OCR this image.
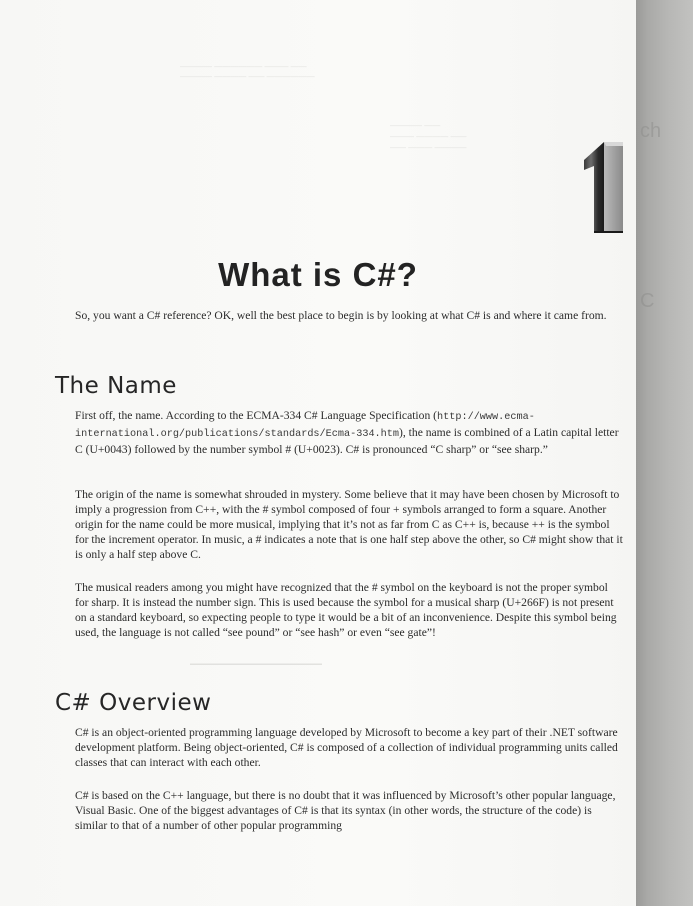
———— —————— ——— ——
———— ———— —— ——————
———— ——
——— ———— ——
—— ——— ————
——————
What is C#?

So, you want a C# reference? OK, well the best place to begin is by looking at what C# is and where it came from.

The Name

First off, the name. According to the ECMA-334 C# Language Specification (http://www.ecma-international.org/publications/standards/Ecma-334.htm), the name is combined of a Latin capital letter C (U+0043) followed by the number symbol # (U+0023). C# is pronounced “C sharp” or “see sharp.”

The origin of the name is somewhat shrouded in mystery. Some believe that it may have been chosen by Microsoft to imply a progression from C++, with the # symbol composed of four + symbols arranged to form a square. Another origin for the name could be more musical, implying that it’s not as far from C as C++ is, because ++ is the symbol for the increment operator. In music, a # indicates a note that is one half step above the other, so C# might show that it is only a half step above C.

The musical readers among you might have recognized that the # symbol on the keyboard is not the proper symbol for sharp. It is instead the number sign. This is used because the symbol for a musical sharp (U+266F) is not present on a standard keyboard, so expecting people to type it would be a bit of an inconvenience. Despite this symbol being used, the language is not called “see pound” or “see hash” or even “see gate”!

C# Overview

C# is an object-oriented programming language developed by Microsoft to become a key part of their .NET software development platform. Being object-oriented, C# is composed of a collection of individual programming units called classes that can interact with each other.

C# is based on the C++ language, but there is no doubt that it was influenced by Microsoft’s other popular language, Visual Basic. One of the biggest advantages of C# is that its syntax (in other words, the structure of the code) is similar to that of a number of other popular programming

ch
C
